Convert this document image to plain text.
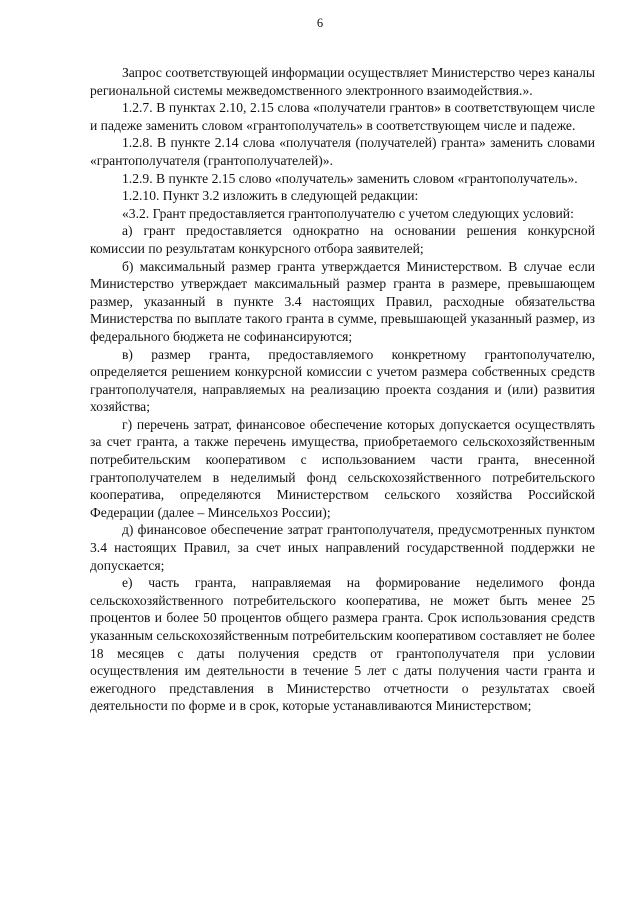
6

Запрос соответствующей информации осуществляет Министерство через каналы региональной системы межведомственного электронного взаимодействия.».

1.2.7. В пунктах 2.10, 2.15 слова «получатели грантов» в соответствующем числе и падеже заменить словом «грантополучатель» в соответствующем числе и падеже.

1.2.8. В пункте 2.14 слова «получателя (получателей) гранта» заменить словами «грантополучателя (грантополучателей)».

1.2.9. В пункте 2.15 слово «получатель» заменить словом «грантополучатель».

1.2.10. Пункт 3.2 изложить в следующей редакции:

«3.2. Грант предоставляется грантополучателю с учетом следующих условий:

а) грант предоставляется однократно на основании решения конкурсной комиссии по результатам конкурсного отбора заявителей;

б) максимальный размер гранта утверждается Министерством. В случае если Министерство утверждает максимальный размер гранта в размере, превышающем размер, указанный в пункте 3.4 настоящих Правил, расходные обязательства Министерства по выплате такого гранта в сумме, превышающей указанный размер, из федерального бюджета не софинансируются;

в) размер гранта, предоставляемого конкретному грантополучателю, определяется решением конкурсной комиссии с учетом размера собственных средств грантополучателя, направляемых на реализацию проекта создания и (или) развития хозяйства;

г) перечень затрат, финансовое обеспечение которых допускается осуществлять за счет гранта, а также перечень имущества, приобретаемого сельскохозяйственным потребительским кооперативом с использованием части гранта, внесенной грантополучателем в неделимый фонд сельскохозяйственного потребительского кооператива, определяются Министерством сельского хозяйства Российской Федерации (далее – Минсельхоз России);

д) финансовое обеспечение затрат грантополучателя, предусмотренных пунктом 3.4 настоящих Правил, за счет иных направлений государственной поддержки не допускается;

е) часть гранта, направляемая на формирование неделимого фонда сельскохозяйственного потребительского кооператива, не может быть менее 25 процентов и более 50 процентов общего размера гранта. Срок использования средств указанным сельскохозяйственным потребительским кооперативом составляет не более 18 месяцев с даты получения средств от грантополучателя при условии осуществления им деятельности в течение 5 лет с даты получения части гранта и ежегодного представления в Министерство отчетности о результатах своей деятельности по форме и в срок, которые устанавливаются Министерством;
